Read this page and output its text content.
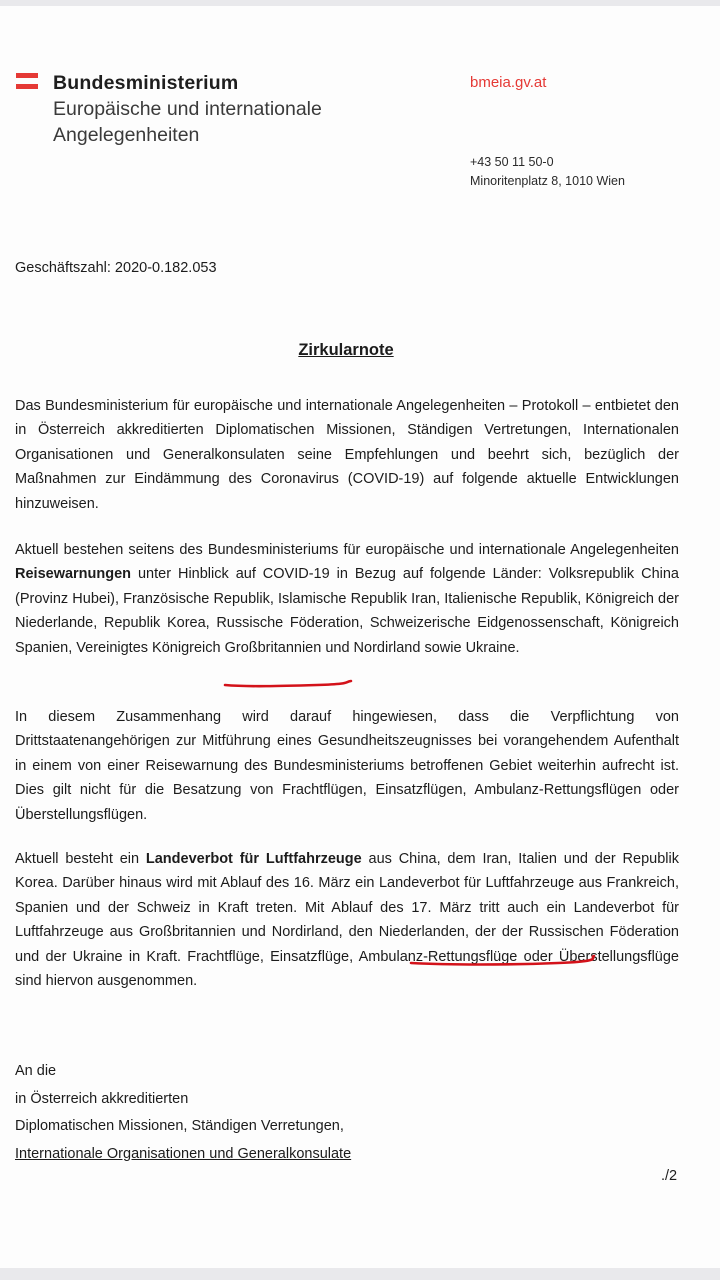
Bundesministerium
Europäische und internationale
Angelegenheiten
bmeia.gv.at
+43 50 11 50-0
Minoritenplatz 8, 1010 Wien
Geschäftszahl: 2020-0.182.053
Zirkularnote
Das Bundesministerium für europäische und internationale Angelegenheiten – Protokoll – entbietet den in Österreich akkreditierten Diplomatischen Missionen, Ständigen Vertretungen, Internationalen Organisationen und Generalkonsulaten seine Empfehlungen und beehrt sich, bezüglich der Maßnahmen zur Eindämmung des Coronavirus (COVID-19) auf folgende aktuelle Entwicklungen hinzuweisen.
Aktuell bestehen seitens des Bundesministeriums für europäische und internationale Angelegenheiten Reisewarnungen unter Hinblick auf COVID-19 in Bezug auf folgende Länder: Volksrepublik China (Provinz Hubei), Französische Republik, Islamische Republik Iran, Italienische Republik, Königreich der Niederlande, Republik Korea, Russische Föderation, Schweizerische Eidgenossenschaft, Königreich Spanien, Vereinigtes Königreich Großbritannien und Nordirland sowie Ukraine.
In diesem Zusammenhang wird darauf hingewiesen, dass die Verpflichtung von Drittstaatenangehörigen zur Mitführung eines Gesundheitszeugnisses bei vorangehendem Aufenthalt in einem von einer Reisewarnung des Bundesministeriums betroffenen Gebiet weiterhin aufrecht ist. Dies gilt nicht für die Besatzung von Frachtflügen, Einsatzflügen, Ambulanz-Rettungsflügen oder Überstellungsflügen.
Aktuell besteht ein Landeverbot für Luftfahrzeuge aus China, dem Iran, Italien und der Republik Korea. Darüber hinaus wird mit Ablauf des 16. März ein Landeverbot für Luftfahrzeuge aus Frankreich, Spanien und der Schweiz in Kraft treten. Mit Ablauf des 17. März tritt auch ein Landeverbot für Luftfahrzeuge aus Großbritannien und Nordirland, den Niederlanden, der der Russischen Föderation und der Ukraine in Kraft. Frachtflüge, Einsatzflüge, Ambulanz-Rettungsflüge oder Überstellungsflüge sind hiervon ausgenommen.
An die
in Österreich akkreditierten
Diplomatischen Missionen, Ständigen Verretungen,
Internationale Organisationen und Generalkonsulate
./2
